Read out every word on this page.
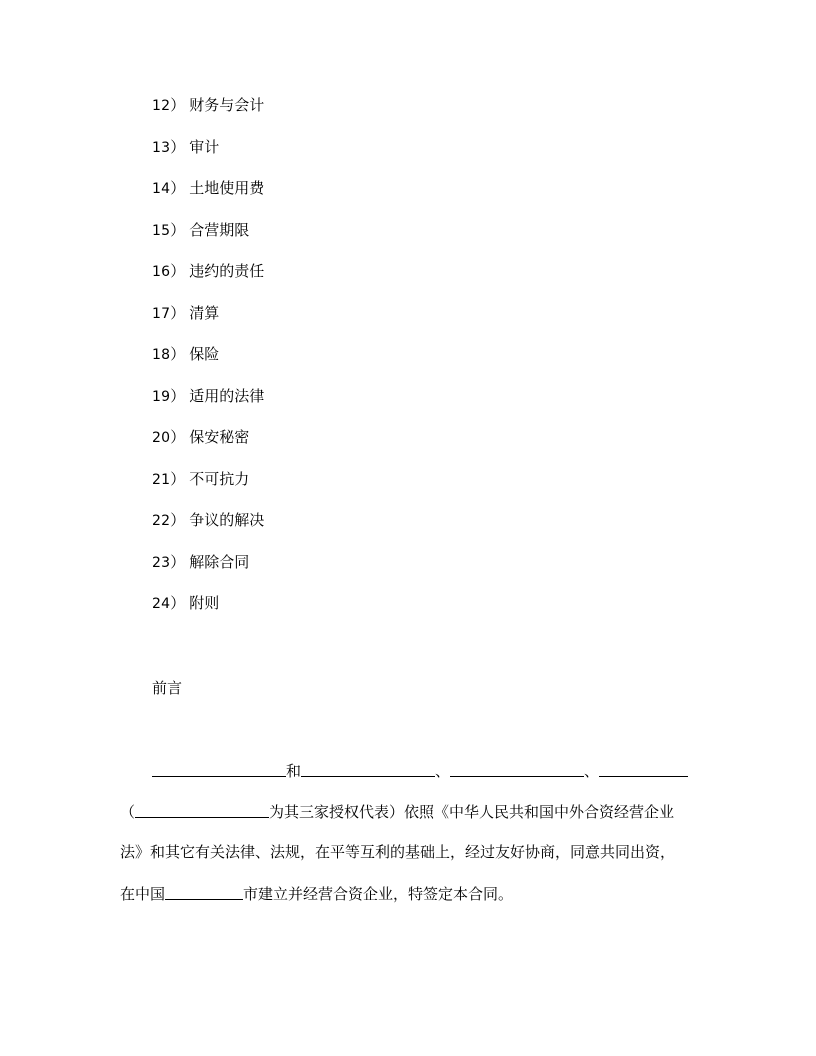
12） 财务与会计
13） 审计
14） 土地使用费
15） 合营期限
16） 违约的责任
17） 清算
18） 保险
19） 适用的法律
20） 保安秘密
21） 不可抗力
22） 争议的解决
23） 解除合同
24） 附则
前言
和	、	、
（	为其三家授权代表）依照《中华人民共和国中外合资经营企业
法》和其它有关法律、法规，在平等互利的基础上，经过友好协商，同意共同出资，
在中国	市建立并经营合资企业，特签定本合同。
